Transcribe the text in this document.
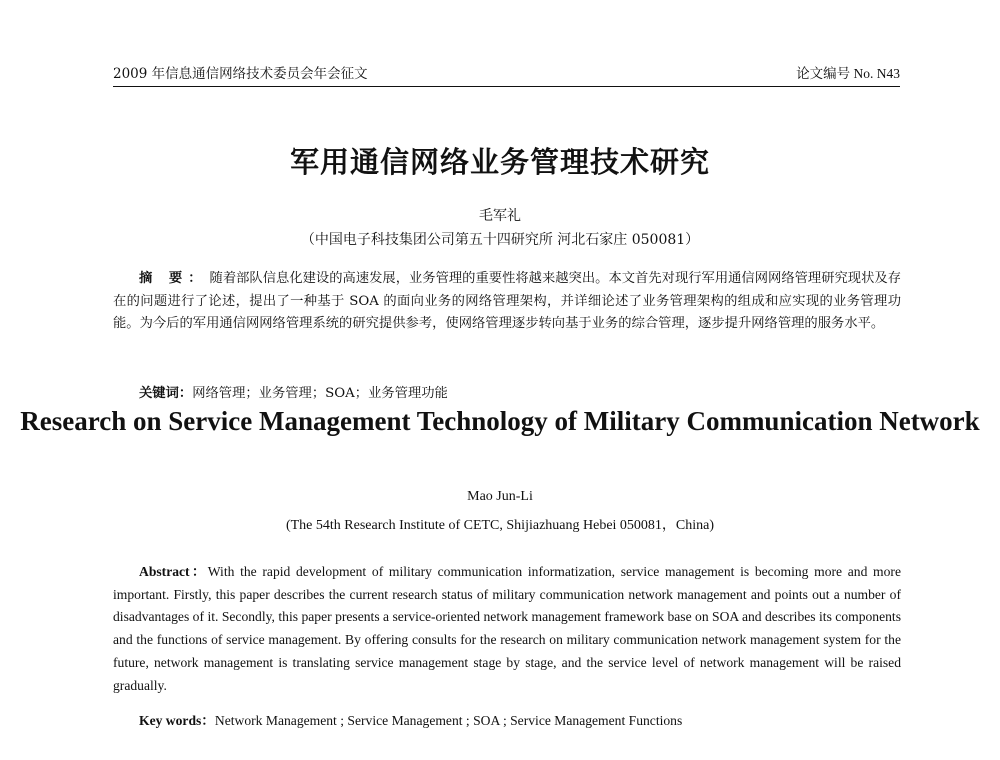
2009 年信息通信网络技术委员会年会征文	论文编号 No. N43
军用通信网络业务管理技术研究
毛军礼
（中国电子科技集团公司第五十四研究所 河北石家庄 050081）
摘 要： 随着部队信息化建设的高速发展，业务管理的重要性将越来越突出。本文首先对现行军用通信网网络管理研究现状及存在的问题进行了论述，提出了一种基于 SOA 的面向业务的网络管理架构，并详细论述了业务管理架构的组成和应实现的业务管理功能。为今后的军用通信网网络管理系统的研究提供参考，使网络管理逐步转向基于业务的综合管理，逐步提升网络管理的服务水平。
关键词：网络管理；业务管理；SOA；业务管理功能
Research on Service Management Technology of Military Communication Network
Mao Jun-Li
(The 54th Research Institute of CETC, Shijiazhuang Hebei 050081，China)
Abstract：With the rapid development of military communication informatization, service management is becoming more and more important. Firstly, this paper describes the current research status of military communication network management and points out a number of disadvantages of it. Secondly, this paper presents a service-oriented network management framework base on SOA and describes its components and the functions of service management. By offering consults for the research on military communication network management system for the future, network management is translating service management stage by stage, and the service level of network management will be raised gradually.
Key words：Network Management ; Service Management ; SOA ; Service Management Functions
